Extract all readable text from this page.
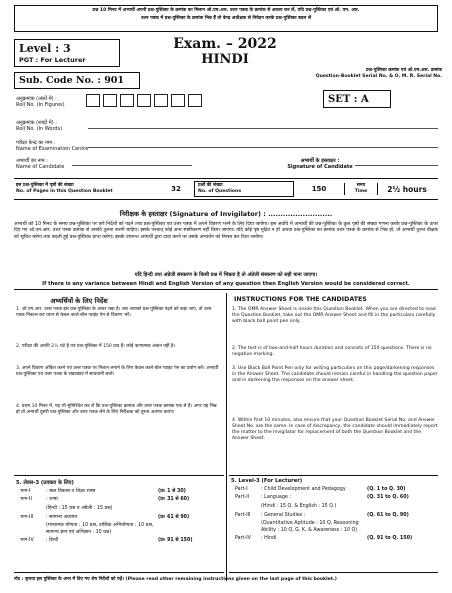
प्रश्न 10 मिनट में अभ्यर्थी अपनी प्रश्न-पुस्तिका के क्रमांक का मिलान ओ.एम.आर. उत्तर पत्रक के क्रमांक से अवश्य कर लें, यदि प्रश्न-पुस्तिका एवं ओ. एम. आर.
उत्तर पत्रक में प्रश्न-पुस्तिका के क्रमांक भिन्न हैं तो केन्द्र अधीक्षक से निवेदन करके प्रश्न-पुस्तिका बदल लें
Level : 3
PGT : For Lecturer
Exam. – 2022
HINDI
Sub. Code No. : 901
प्रश्न-पुस्तिका क्रमांक एवं ओ.एम.आर. क्रमांक
Question-Booklet Serial No. & O. M. R. Serial No.
अनुक्रमांक (अंकों में) :
Roll No. (In Figures)
SET : A
अनुक्रमांक (शब्दों में) :
Roll No. (In Words)
परीक्षा केन्द्र का नाम :
Name of Examination Centre
अभ्यर्थी का नाम :
Name of Candidate
अभ्यर्थी के हस्ताक्षर :
Signature of Candidate
इस प्रश्न-पुस्तिका में पृष्ठों की संख्या
No. of Pages in this Question Booklet	32	प्रश्नों की संख्या
No. of Questions	150	समय
Time	2½ hours
निरीक्षक के हस्ताक्षर (Signature of Invigilator) : ..........................
अभ्यर्थी को 10 मिनट के समय प्रश्न-पुस्तिका पर छपे निर्देशों को पढ़ने तथा प्रश्न-पुस्तिका एवं उत्तर पत्रक में अपने विवरण भरने के लिए दिया जायेगा। इस अवधि में अभ्यर्थी की प्रश्न-पुस्तिका के कुल पृष्ठों की संख्या गणना करके प्रश्न-पुस्तिका के ऊपर दिए गए ओ.एम.आर. उत्तर पत्रक क्रमांक से उसकी तुलना करनी चाहिए। इसके पश्चात् कोई अन्य स्पष्टीकरण नहीं किया जाएगा। यदि कोई पृष्ठ मुद्रित न हो अथवा प्रश्न-पुस्तिका का क्रमांक उत्तर पत्रक के क्रमांक से भिन्न हो, तो अभ्यर्थी तुरन्त वीक्षक को सूचित करेगा तथा बदली हुई प्रश्न-पुस्तिका प्राप्त करेगा। इसके उपरान्त अभ्यर्थी द्वारा दावा करने पर उसके अभ्यर्थन को निरस्त कर दिया जायेगा।
यदि हिन्दी तथा अंग्रेजी संस्करण के किसी प्रश्न में भिन्नता है तो अंग्रेजी संस्करण को सही माना जाएगा।
If there is any variance between Hindi and English Version of any question then English Version would be considered correct.
अभ्यर्थियों के लिए निर्देश	INSTRUCTIONS FOR THE CANDIDATES
1. ओ.एम.आर. उत्तर पत्रक इस प्रश्न-पुस्तिका के अन्दर रखा है। जब आपको प्रश्न-पुस्तिका पढ़ने को कहा जाए, तो उत्तर पत्रक निकाल कर ध्यान से केवल काले बॉल प्वाइंट पेन से विवरण भरें।
2. परीक्षा की अवधि 2½ घंटे है एवं प्रश्न-पुस्तिका में 150 प्रश्न हैं। कोई ऋणात्मक अंकन नहीं है।
3. अपने विवरण अंकित करने एवं उत्तर पत्रक पर निशान लगाने के लिए केवल काले बॉल प्वाइंट पेन का प्रयोग करें। अभ्यर्थी प्रश्न-पुस्तिका एवं उत्तर पत्रक के रखरखाव में सावधानी बरतें।
4. प्रथम 10 मिनट में, यह भी सुनिश्चित कर लें कि प्रश्न-पुस्तिका क्रमांक और उत्तर पत्रक क्रमांक एक से हैं। अगर यह भिन्न हो तो अभ्यर्थी दूसरी प्रश्न-पुस्तिका और उत्तर पत्रक लेने के लिए निरीक्षक को तुरन्त अवगत कराएं।
1. The OMR Answer Sheet is inside this Question Booklet. When you are directed to read the Question Booklet, take out the OMR Answer Sheet and fill in the particulars carefully with black ball point pen only.
2. The test is of two-and-half hours duration and consists of 150 questions. There is no negative marking.
3. Use Black Ball Point Pen only for writing particulars on this page/darkening responses in the Answer Sheet. The candidate should remain careful in handling the question paper and in darkening the responses on the answer sheet.
4. Within first 10 minutes, also ensure that your Question Booklet Serial No. and Answer Sheet No. are the same. In case of discrepancy, the candidate should immediately report the matter to the Invigilator for replacement of both the Question Booklet and the Answer Sheet.
5. लेवल-3 (प्रवक्ता के लिए)
भाग-I	: बाल विकास व शिक्षा शास्त्र	(प्र० 1 से 30)
भाग-II	: भाषा	(प्र० 31 से 60)
(हिन्दी : 15 प्रश्न व अंग्रेजी : 15 प्रश्न)
भाग-III	: सामान्य अध्ययन	(प्र० 61 से 90)
(मात्रात्मक योग्यता : 10 प्रश्न, तार्किक अभियोग्यता : 10 प्रश्न, सामान्य ज्ञान एवं अभिज्ञान : 10 प्रश्न)
भाग-IV	: हिन्दी	(प्र० 91 से 150)
5. Level-3 (For Lecturer)
Part-I	: Child Development and Pedagogy	(Q. 1 to Q. 30)
Part-II	: Language :	(Q. 31 to Q. 60)
(Hindi : 15 Q. & English : 15 Q.)
Part-III	: General Studies :	(Q. 61 to Q. 90)
(Quantitative Aptitude : 10 Q, Reasoning Ability : 10 Q, G. K. & Awareness : 10 Q)
Part-IV	: Hindi	(Q. 91 to Q. 150)
नोट : कृपया इस पुस्तिका के अन्त में दिए गए शेष निर्देशों को पढ़ें। (Please read other remaining instructions given on the last page of this booklet.)
